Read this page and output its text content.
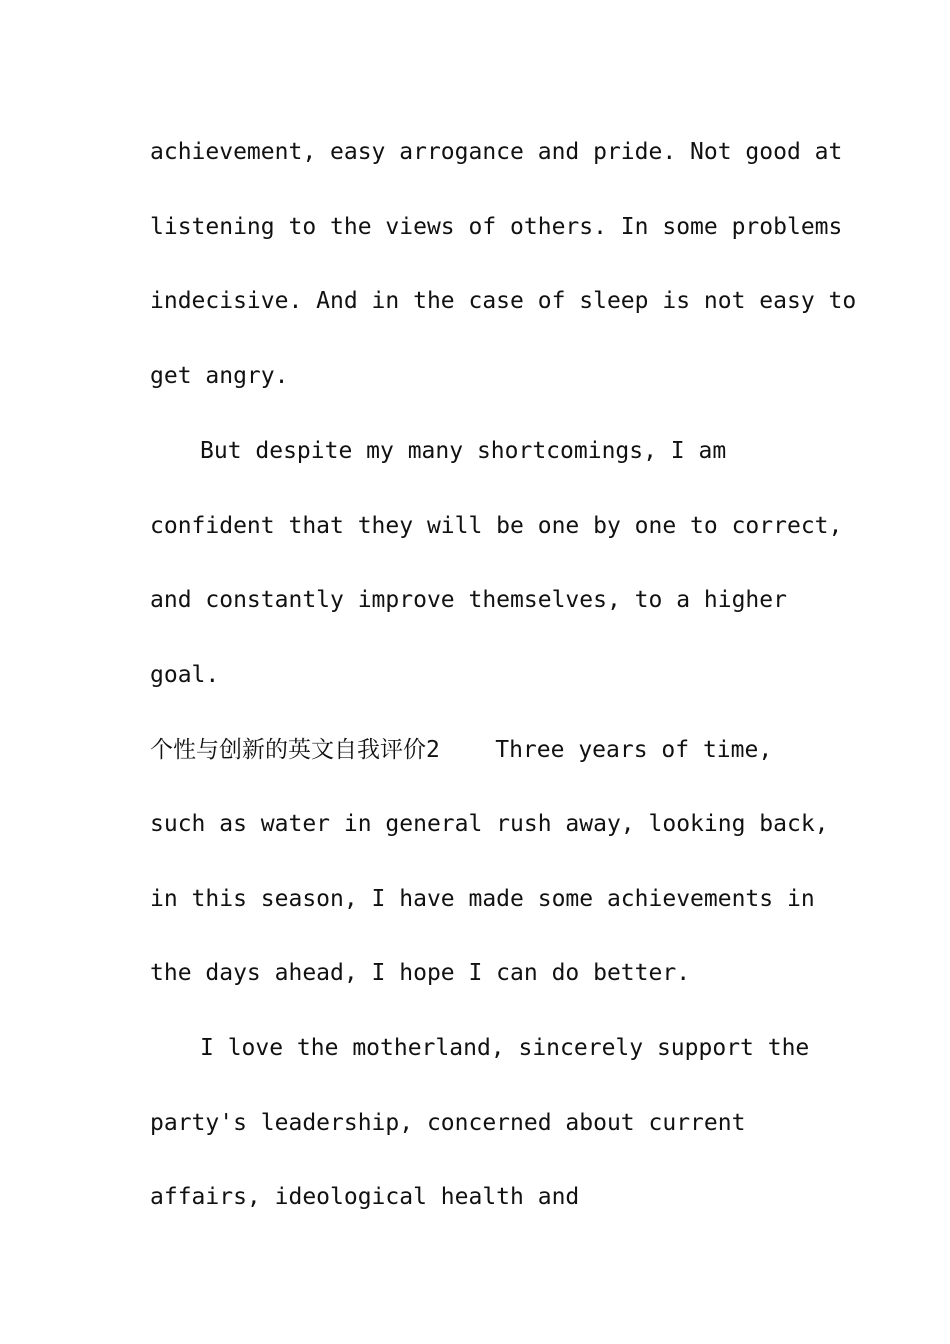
achievement, easy arrogance and pride. Not good at

listening to the views of others. In some problems

indecisive. And in the case of sleep is not easy to

get angry.

But despite my many shortcomings, I am

confident that they will be one by one to correct,

and constantly improve themselves, to a higher

goal.

个性与创新的英文自我评价2    Three years of time,

such as water in general rush away, looking back,

in this season, I have made some achievements in

the days ahead, I hope I can do better.

I love the motherland, sincerely support the

party's leadership, concerned about current

affairs, ideological health and
